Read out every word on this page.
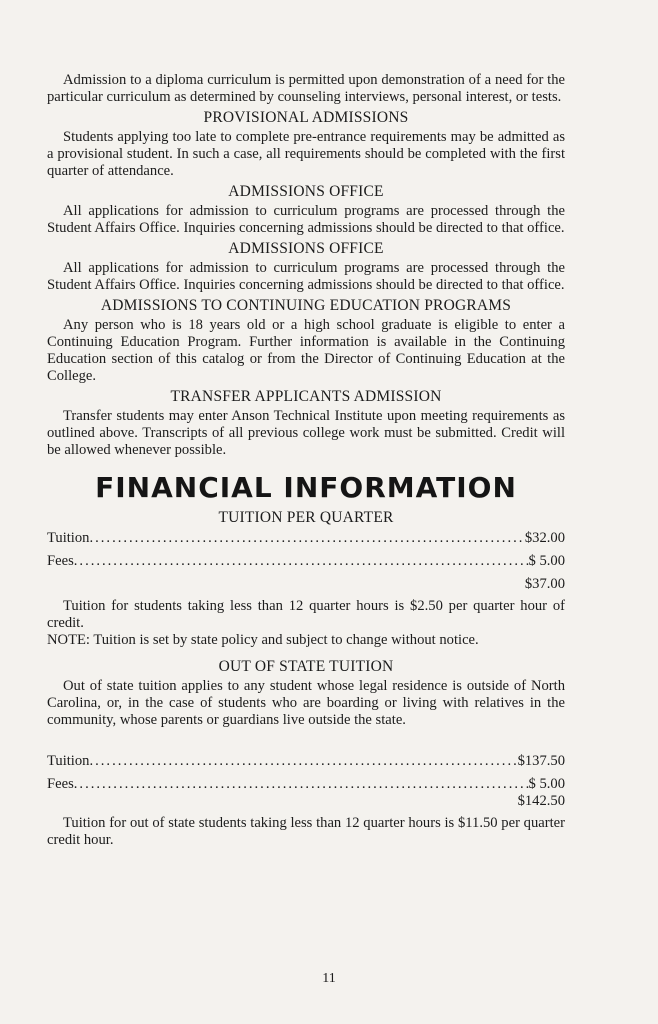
Admission to a diploma curriculum is permitted upon demonstration of a need for the particular curriculum as determined by counseling interviews, personal interest, or tests.

PROVISIONAL ADMISSIONS

Students applying too late to complete pre-entrance requirements may be admitted as a provisional student. In such a case, all requirements should be completed with the first quarter of attendance.

ADMISSIONS OFFICE

All applications for admission to curriculum programs are processed through the Student Affairs Office. Inquiries concerning admissions should be directed to that office.

ADMISSIONS OFFICE

All applications for admission to curriculum programs are processed through the Student Affairs Office. Inquiries concerning admissions should be directed to that office.

ADMISSIONS TO CONTINUING EDUCATION PROGRAMS

Any person who is 18 years old or a high school graduate is eligible to enter a Continuing Education Program. Further information is available in the Continuing Education section of this catalog or from the Director of Continuing Education at the College.

TRANSFER APPLICANTS ADMISSION

Transfer students may enter Anson Technical Institute upon meeting requirements as outlined above. Transcripts of all previous college work must be submitted. Credit will be allowed whenever possible.

FINANCIAL INFORMATION
TUITION PER QUARTER
Tuition .....	$32.00
Fees .....	$ 5.00
$37.00

Tuition for students taking less than 12 quarter hours is $2.50 per quarter hour of credit.

NOTE: Tuition is set by state policy and subject to change without notice.

OUT OF STATE TUITION

Out of state tuition applies to any student whose legal residence is outside of North Carolina, or, in the case of students who are boarding or living with relatives in the community, whose parents or guardians live outside the state.

Tuition .....	$137.50
Fees .....	$ 5.00
$142.50

Tuition for out of state students taking less than 12 quarter hours is $11.50 per quarter credit hour.

11
